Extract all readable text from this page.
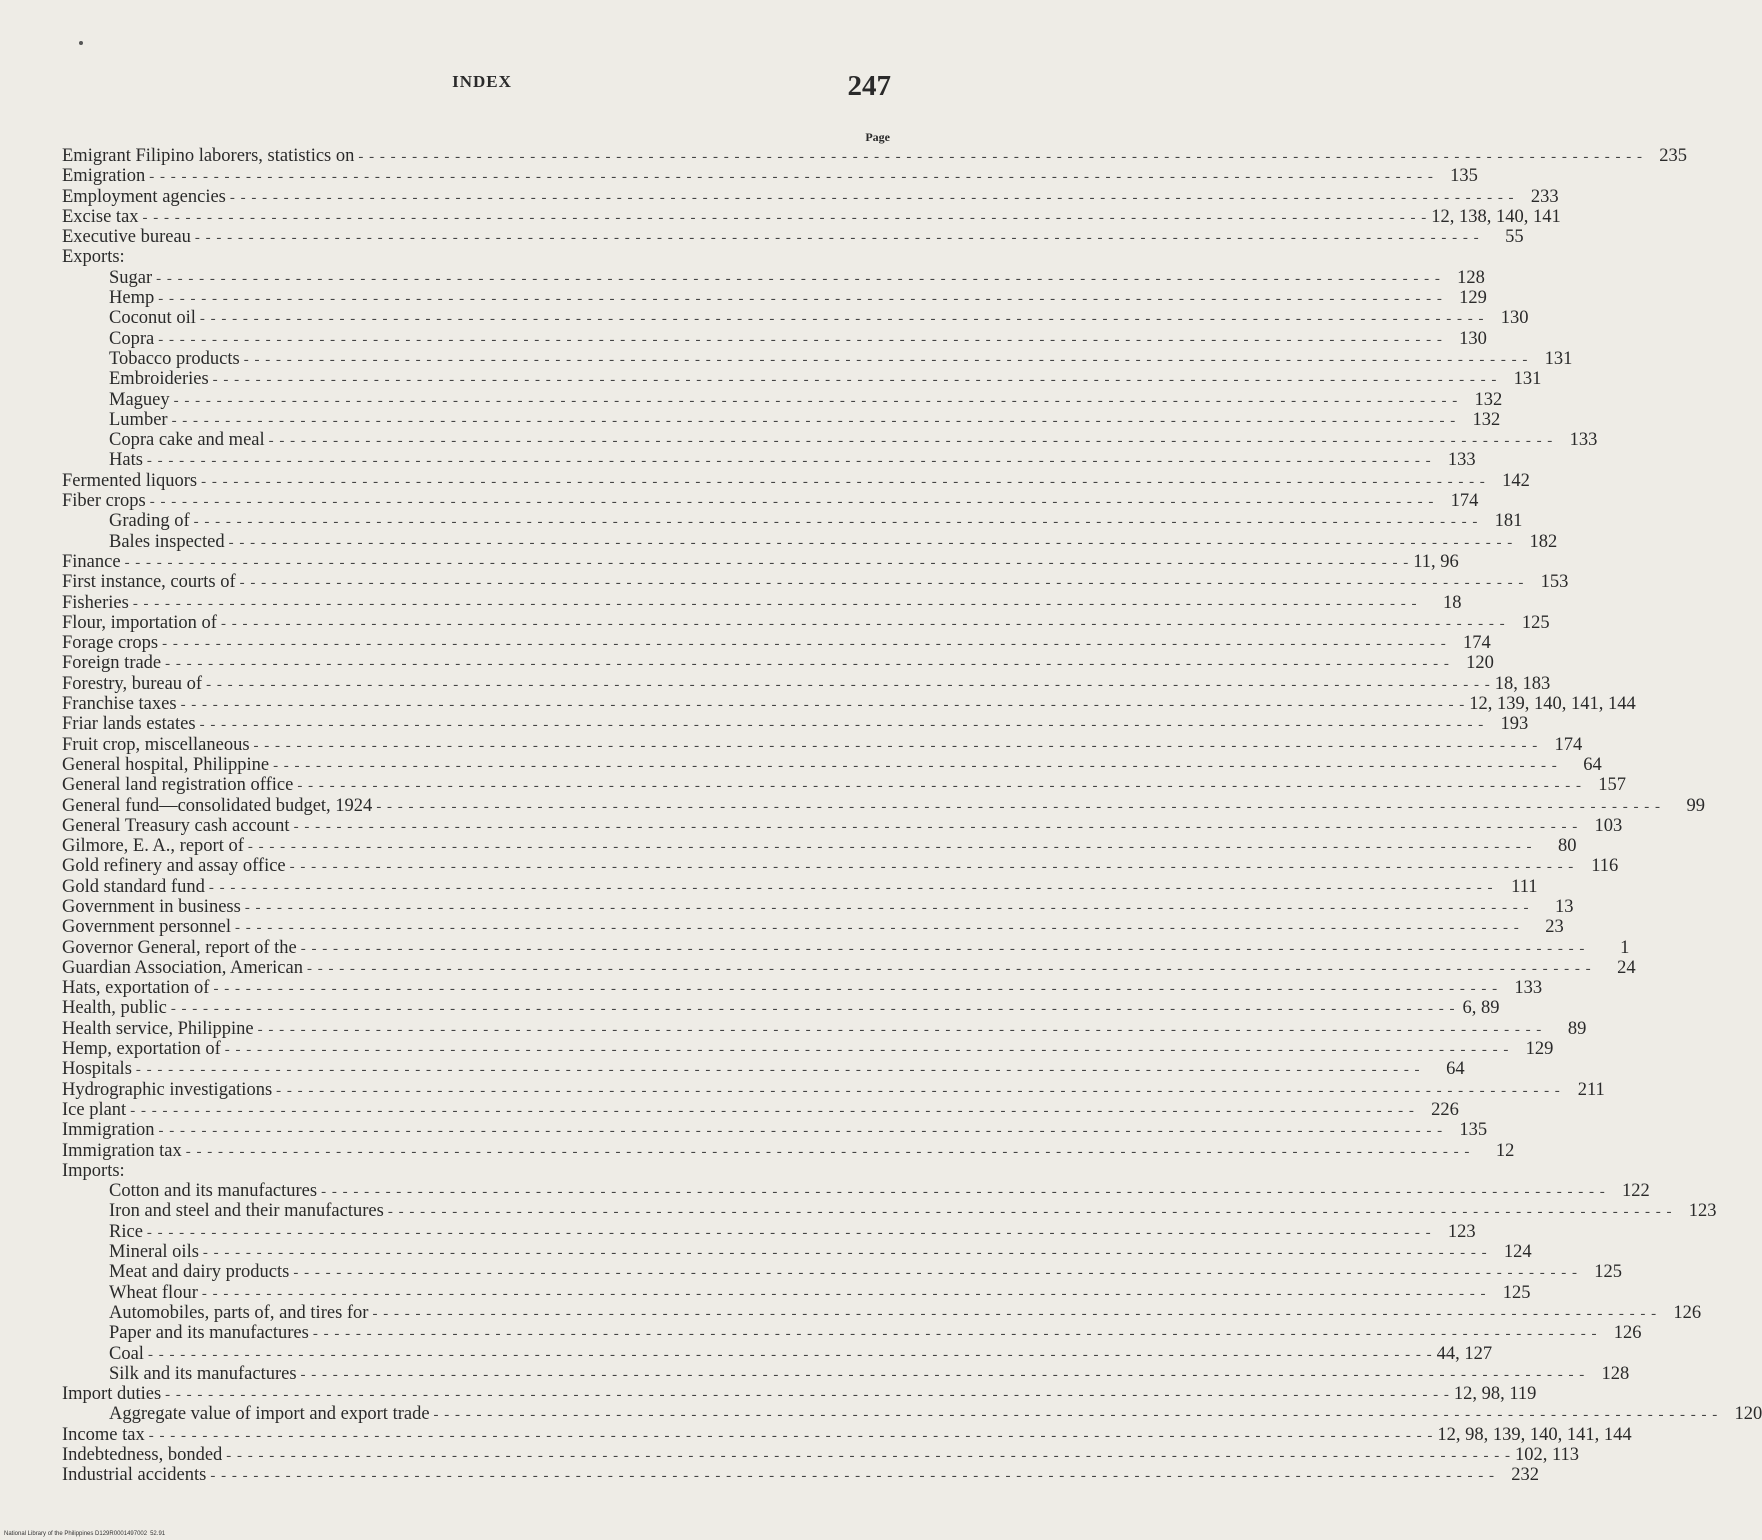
INDEX	247
Page
Emigrant Filipino laborers, statistics on - - - - - - - - - - - - - - - - - - - - - - - - - - - - - - - - - - - - - - - - - - - - - - - - - - - - - - - - - - - - - - - - - - - - - - - - - - - - - - - - - - - - - - - - - - - - - - - - - - - - - - - - - - - - - - - - - - - - - - - - 235
Emigration - - - - - - - - - - - - - - - - - - - - - - - - - - - - - - - - - - - - - - - - - - - - - - - - - - - - - - - - - - - - - - - - - - - - - - - - - - - - - - - - - - - - - - - - - - - - - - - - - - - - - - - - - - - - - - - - - - - - - - - - 135
Employment agencies - - - - - - - - - - - - - - - - - - - - - - - - - - - - - - - - - - - - - - - - - - - - - - - - - - - - - - - - - - - - - - - - - - - - - - - - - - - - - - - - - - - - - - - - - - - - - - - - - - - - - - - - - - - - - - - - - - - - - - - - 233
Excise tax - - - - - - - - - - - - - - - - - - - - - - - - - - - - - - - - - - - - - - - - - - - - - - - - - - - - - - - - - - - - - - - - - - - - - - - - - - - - - - - - - - - - - - - - - - - - - - - - - - - - - - - - - - - - - - - - - - - - - - - - 12, 138, 140, 141
Executive bureau - - - - - - - - - - - - - - - - - - - - - - - - - - - - - - - - - - - - - - - - - - - - - - - - - - - - - - - - - - - - - - - - - - - - - - - - - - - - - - - - - - - - - - - - - - - - - - - - - - - - - - - - - - - - - - - - - - - - - - - -	55
Exports:
Sugar - - - - - - - - - - - - - - - - - - - - - - - - - - - - - - - - - - - - - - - - - - - - - - - - - - - - - - - - - - - - - - - - - - - - - - - - - - - - - - - - - - - - - - - - - - - - - - - - - - - - - - - - - - - - - - - - - - - - - - - - 128
Hemp - - - - - - - - - - - - - - - - - - - - - - - - - - - - - - - - - - - - - - - - - - - - - - - - - - - - - - - - - - - - - - - - - - - - - - - - - - - - - - - - - - - - - - - - - - - - - - - - - - - - - - - - - - - - - - - - - - - - - - - - 129
Coconut oil - - - - - - - - - - - - - - - - - - - - - - - - - - - - - - - - - - - - - - - - - - - - - - - - - - - - - - - - - - - - - - - - - - - - - - - - - - - - - - - - - - - - - - - - - - - - - - - - - - - - - - - - - - - - - - - - - - - - - - - - 130
Copra - - - - - - - - - - - - - - - - - - - - - - - - - - - - - - - - - - - - - - - - - - - - - - - - - - - - - - - - - - - - - - - - - - - - - - - - - - - - - - - - - - - - - - - - - - - - - - - - - - - - - - - - - - - - - - - - - - - - - - - - 130
Tobacco products - - - - - - - - - - - - - - - - - - - - - - - - - - - - - - - - - - - - - - - - - - - - - - - - - - - - - - - - - - - - - - - - - - - - - - - - - - - - - - - - - - - - - - - - - - - - - - - - - - - - - - - - - - - - - - - - - - - - - - - - 131
Embroideries - - - - - - - - - - - - - - - - - - - - - - - - - - - - - - - - - - - - - - - - - - - - - - - - - - - - - - - - - - - - - - - - - - - - - - - - - - - - - - - - - - - - - - - - - - - - - - - - - - - - - - - - - - - - - - - - - - - - - - - - 131
Maguey - - - - - - - - - - - - - - - - - - - - - - - - - - - - - - - - - - - - - - - - - - - - - - - - - - - - - - - - - - - - - - - - - - - - - - - - - - - - - - - - - - - - - - - - - - - - - - - - - - - - - - - - - - - - - - - - - - - - - - - - 132
Lumber - - - - - - - - - - - - - - - - - - - - - - - - - - - - - - - - - - - - - - - - - - - - - - - - - - - - - - - - - - - - - - - - - - - - - - - - - - - - - - - - - - - - - - - - - - - - - - - - - - - - - - - - - - - - - - - - - - - - - - - - 132
Copra cake and meal - - - - - - - - - - - - - - - - - - - - - - - - - - - - - - - - - - - - - - - - - - - - - - - - - - - - - - - - - - - - - - - - - - - - - - - - - - - - - - - - - - - - - - - - - - - - - - - - - - - - - - - - - - - - - - - - - - - - - - - - 133
Hats - - - - - - - - - - - - - - - - - - - - - - - - - - - - - - - - - - - - - - - - - - - - - - - - - - - - - - - - - - - - - - - - - - - - - - - - - - - - - - - - - - - - - - - - - - - - - - - - - - - - - - - - - - - - - - - - - - - - - - - - 133
Fermented liquors - - - - - - - - - - - - - - - - - - - - - - - - - - - - - - - - - - - - - - - - - - - - - - - - - - - - - - - - - - - - - - - - - - - - - - - - - - - - - - - - - - - - - - - - - - - - - - - - - - - - - - - - - - - - - - - - - - - - - - - - 142
Fiber crops - - - - - - - - - - - - - - - - - - - - - - - - - - - - - - - - - - - - - - - - - - - - - - - - - - - - - - - - - - - - - - - - - - - - - - - - - - - - - - - - - - - - - - - - - - - - - - - - - - - - - - - - - - - - - - - - - - - - - - - - 174
Grading of - - - - - - - - - - - - - - - - - - - - - - - - - - - - - - - - - - - - - - - - - - - - - - - - - - - - - - - - - - - - - - - - - - - - - - - - - - - - - - - - - - - - - - - - - - - - - - - - - - - - - - - - - - - - - - - - - - - - - - - - 181
Bales inspected - - - - - - - - - - - - - - - - - - - - - - - - - - - - - - - - - - - - - - - - - - - - - - - - - - - - - - - - - - - - - - - - - - - - - - - - - - - - - - - - - - - - - - - - - - - - - - - - - - - - - - - - - - - - - - - - - - - - - - - - 182
Finance - - - - - - - - - - - - - - - - - - - - - - - - - - - - - - - - - - - - - - - - - - - - - - - - - - - - - - - - - - - - - - - - - - - - - - - - - - - - - - - - - - - - - - - - - - - - - - - - - - - - - - - - - - - - - - - - - - - - - - - - 11, 96
First instance, courts of - - - - - - - - - - - - - - - - - - - - - - - - - - - - - - - - - - - - - - - - - - - - - - - - - - - - - - - - - - - - - - - - - - - - - - - - - - - - - - - - - - - - - - - - - - - - - - - - - - - - - - - - - - - - - - - - - - - - - - - - 153
Fisheries - - - - - - - - - - - - - - - - - - - - - - - - - - - - - - - - - - - - - - - - - - - - - - - - - - - - - - - - - - - - - - - - - - - - - - - - - - - - - - - - - - - - - - - - - - - - - - - - - - - - - - - - - - - - - - - - - - - - - - - -	18
Flour, importation of - - - - - - - - - - - - - - - - - - - - - - - - - - - - - - - - - - - - - - - - - - - - - - - - - - - - - - - - - - - - - - - - - - - - - - - - - - - - - - - - - - - - - - - - - - - - - - - - - - - - - - - - - - - - - - - - - - - - - - - - 125
Forage crops - - - - - - - - - - - - - - - - - - - - - - - - - - - - - - - - - - - - - - - - - - - - - - - - - - - - - - - - - - - - - - - - - - - - - - - - - - - - - - - - - - - - - - - - - - - - - - - - - - - - - - - - - - - - - - - - - - - - - - - - 174
Foreign trade - - - - - - - - - - - - - - - - - - - - - - - - - - - - - - - - - - - - - - - - - - - - - - - - - - - - - - - - - - - - - - - - - - - - - - - - - - - - - - - - - - - - - - - - - - - - - - - - - - - - - - - - - - - - - - - - - - - - - - - - 120
Forestry, bureau of - - - - - - - - - - - - - - - - - - - - - - - - - - - - - - - - - - - - - - - - - - - - - - - - - - - - - - - - - - - - - - - - - - - - - - - - - - - - - - - - - - - - - - - - - - - - - - - - - - - - - - - - - - - - - - - - - - - - - - - - 18, 183
Franchise taxes - - - - - - - - - - - - - - - - - - - - - - - - - - - - - - - - - - - - - - - - - - - - - - - - - - - - - - - - - - - - - - - - - - - - - - - - - - - - - - - - - - - - - - - - - - - - - - - - - - - - - - - - - - - - - - - - - - - - - - - - 12, 139, 140, 141, 144
Friar lands estates - - - - - - - - - - - - - - - - - - - - - - - - - - - - - - - - - - - - - - - - - - - - - - - - - - - - - - - - - - - - - - - - - - - - - - - - - - - - - - - - - - - - - - - - - - - - - - - - - - - - - - - - - - - - - - - - - - - - - - - - 193
Fruit crop, miscellaneous - - - - - - - - - - - - - - - - - - - - - - - - - - - - - - - - - - - - - - - - - - - - - - - - - - - - - - - - - - - - - - - - - - - - - - - - - - - - - - - - - - - - - - - - - - - - - - - - - - - - - - - - - - - - - - - - - - - - - - - - 174
General hospital, Philippine - - - - - - - - - - - - - - - - - - - - - - - - - - - - - - - - - - - - - - - - - - - - - - - - - - - - - - - - - - - - - - - - - - - - - - - - - - - - - - - - - - - - - - - - - - - - - - - - - - - - - - - - - - - - - - - - - - - - - - - -	64
General land registration office - - - - - - - - - - - - - - - - - - - - - - - - - - - - - - - - - - - - - - - - - - - - - - - - - - - - - - - - - - - - - - - - - - - - - - - - - - - - - - - - - - - - - - - - - - - - - - - - - - - - - - - - - - - - - - - - - - - - - - - - 157
General fund—consolidated budget, 1924 - - - - - - - - - - - - - - - - - - - - - - - - - - - - - - - - - - - - - - - - - - - - - - - - - - - - - - - - - - - - - - - - - - - - - - - - - - - - - - - - - - - - - - - - - - - - - - - - - - - - - - - - - - - - - - - - - - - - - - - -	99
General Treasury cash account - - - - - - - - - - - - - - - - - - - - - - - - - - - - - - - - - - - - - - - - - - - - - - - - - - - - - - - - - - - - - - - - - - - - - - - - - - - - - - - - - - - - - - - - - - - - - - - - - - - - - - - - - - - - - - - - - - - - - - - - 103
Gilmore, E. A., report of - - - - - - - - - - - - - - - - - - - - - - - - - - - - - - - - - - - - - - - - - - - - - - - - - - - - - - - - - - - - - - - - - - - - - - - - - - - - - - - - - - - - - - - - - - - - - - - - - - - - - - - - - - - - - - - - - - - - - - - -	80
Gold refinery and assay office - - - - - - - - - - - - - - - - - - - - - - - - - - - - - - - - - - - - - - - - - - - - - - - - - - - - - - - - - - - - - - - - - - - - - - - - - - - - - - - - - - - - - - - - - - - - - - - - - - - - - - - - - - - - - - - - - - - - - - - - 116
Gold standard fund - - - - - - - - - - - - - - - - - - - - - - - - - - - - - - - - - - - - - - - - - - - - - - - - - - - - - - - - - - - - - - - - - - - - - - - - - - - - - - - - - - - - - - - - - - - - - - - - - - - - - - - - - - - - - - - - - - - - - - - - 111
Government in business - - - - - - - - - - - - - - - - - - - - - - - - - - - - - - - - - - - - - - - - - - - - - - - - - - - - - - - - - - - - - - - - - - - - - - - - - - - - - - - - - - - - - - - - - - - - - - - - - - - - - - - - - - - - - - - - - - - - - - - -	13
Government personnel - - - - - - - - - - - - - - - - - - - - - - - - - - - - - - - - - - - - - - - - - - - - - - - - - - - - - - - - - - - - - - - - - - - - - - - - - - - - - - - - - - - - - - - - - - - - - - - - - - - - - - - - - - - - - - - - - - - - - - - -	23
Governor General, report of the - - - - - - - - - - - - - - - - - - - - - - - - - - - - - - - - - - - - - - - - - - - - - - - - - - - - - - - - - - - - - - - - - - - - - - - - - - - - - - - - - - - - - - - - - - - - - - - - - - - - - - - - - - - - - - - - - - - - - - - -	1
Guardian Association, American - - - - - - - - - - - - - - - - - - - - - - - - - - - - - - - - - - - - - - - - - - - - - - - - - - - - - - - - - - - - - - - - - - - - - - - - - - - - - - - - - - - - - - - - - - - - - - - - - - - - - - - - - - - - - - - - - - - - - - - -	24
Hats, exportation of - - - - - - - - - - - - - - - - - - - - - - - - - - - - - - - - - - - - - - - - - - - - - - - - - - - - - - - - - - - - - - - - - - - - - - - - - - - - - - - - - - - - - - - - - - - - - - - - - - - - - - - - - - - - - - - - - - - - - - - - 133
Health, public - - - - - - - - - - - - - - - - - - - - - - - - - - - - - - - - - - - - - - - - - - - - - - - - - - - - - - - - - - - - - - - - - - - - - - - - - - - - - - - - - - - - - - - - - - - - - - - - - - - - - - - - - - - - - - - - - - - - - - - - 6, 89
Health service, Philippine - - - - - - - - - - - - - - - - - - - - - - - - - - - - - - - - - - - - - - - - - - - - - - - - - - - - - - - - - - - - - - - - - - - - - - - - - - - - - - - - - - - - - - - - - - - - - - - - - - - - - - - - - - - - - - - - - - - - - - - -	89
Hemp, exportation of - - - - - - - - - - - - - - - - - - - - - - - - - - - - - - - - - - - - - - - - - - - - - - - - - - - - - - - - - - - - - - - - - - - - - - - - - - - - - - - - - - - - - - - - - - - - - - - - - - - - - - - - - - - - - - - - - - - - - - - - 129
Hospitals - - - - - - - - - - - - - - - - - - - - - - - - - - - - - - - - - - - - - - - - - - - - - - - - - - - - - - - - - - - - - - - - - - - - - - - - - - - - - - - - - - - - - - - - - - - - - - - - - - - - - - - - - - - - - - - - - - - - - - - -	64
Hydrographic investigations - - - - - - - - - - - - - - - - - - - - - - - - - - - - - - - - - - - - - - - - - - - - - - - - - - - - - - - - - - - - - - - - - - - - - - - - - - - - - - - - - - - - - - - - - - - - - - - - - - - - - - - - - - - - - - - - - - - - - - - - 211
Ice plant - - - - - - - - - - - - - - - - - - - - - - - - - - - - - - - - - - - - - - - - - - - - - - - - - - - - - - - - - - - - - - - - - - - - - - - - - - - - - - - - - - - - - - - - - - - - - - - - - - - - - - - - - - - - - - - - - - - - - - - - 226
Immigration - - - - - - - - - - - - - - - - - - - - - - - - - - - - - - - - - - - - - - - - - - - - - - - - - - - - - - - - - - - - - - - - - - - - - - - - - - - - - - - - - - - - - - - - - - - - - - - - - - - - - - - - - - - - - - - - - - - - - - - - 135
Immigration tax - - - - - - - - - - - - - - - - - - - - - - - - - - - - - - - - - - - - - - - - - - - - - - - - - - - - - - - - - - - - - - - - - - - - - - - - - - - - - - - - - - - - - - - - - - - - - - - - - - - - - - - - - - - - - - - - - - - - - - - -	12
Imports:
Cotton and its manufactures - - - - - - - - - - - - - - - - - - - - - - - - - - - - - - - - - - - - - - - - - - - - - - - - - - - - - - - - - - - - - - - - - - - - - - - - - - - - - - - - - - - - - - - - - - - - - - - - - - - - - - - - - - - - - - - - - - - - - - - - 122
Iron and steel and their manufactures - - - - - - - - - - - - - - - - - - - - - - - - - - - - - - - - - - - - - - - - - - - - - - - - - - - - - - - - - - - - - - - - - - - - - - - - - - - - - - - - - - - - - - - - - - - - - - - - - - - - - - - - - - - - - - - - - - - - - - - - 123
Rice - - - - - - - - - - - - - - - - - - - - - - - - - - - - - - - - - - - - - - - - - - - - - - - - - - - - - - - - - - - - - - - - - - - - - - - - - - - - - - - - - - - - - - - - - - - - - - - - - - - - - - - - - - - - - - - - - - - - - - - - 123
Mineral oils - - - - - - - - - - - - - - - - - - - - - - - - - - - - - - - - - - - - - - - - - - - - - - - - - - - - - - - - - - - - - - - - - - - - - - - - - - - - - - - - - - - - - - - - - - - - - - - - - - - - - - - - - - - - - - - - - - - - - - - - 124
Meat and dairy products - - - - - - - - - - - - - - - - - - - - - - - - - - - - - - - - - - - - - - - - - - - - - - - - - - - - - - - - - - - - - - - - - - - - - - - - - - - - - - - - - - - - - - - - - - - - - - - - - - - - - - - - - - - - - - - - - - - - - - - - 125
Wheat flour - - - - - - - - - - - - - - - - - - - - - - - - - - - - - - - - - - - - - - - - - - - - - - - - - - - - - - - - - - - - - - - - - - - - - - - - - - - - - - - - - - - - - - - - - - - - - - - - - - - - - - - - - - - - - - - - - - - - - - - - 125
Automobiles, parts of, and tires for - - - - - - - - - - - - - - - - - - - - - - - - - - - - - - - - - - - - - - - - - - - - - - - - - - - - - - - - - - - - - - - - - - - - - - - - - - - - - - - - - - - - - - - - - - - - - - - - - - - - - - - - - - - - - - - - - - - - - - - - 126
Paper and its manufactures - - - - - - - - - - - - - - - - - - - - - - - - - - - - - - - - - - - - - - - - - - - - - - - - - - - - - - - - - - - - - - - - - - - - - - - - - - - - - - - - - - - - - - - - - - - - - - - - - - - - - - - - - - - - - - - - - - - - - - - - 126
Coal - - - - - - - - - - - - - - - - - - - - - - - - - - - - - - - - - - - - - - - - - - - - - - - - - - - - - - - - - - - - - - - - - - - - - - - - - - - - - - - - - - - - - - - - - - - - - - - - - - - - - - - - - - - - - - - - - - - - - - - - 44, 127
Silk and its manufactures - - - - - - - - - - - - - - - - - - - - - - - - - - - - - - - - - - - - - - - - - - - - - - - - - - - - - - - - - - - - - - - - - - - - - - - - - - - - - - - - - - - - - - - - - - - - - - - - - - - - - - - - - - - - - - - - - - - - - - - - 128
Import duties - - - - - - - - - - - - - - - - - - - - - - - - - - - - - - - - - - - - - - - - - - - - - - - - - - - - - - - - - - - - - - - - - - - - - - - - - - - - - - - - - - - - - - - - - - - - - - - - - - - - - - - - - - - - - - - - - - - - - - - - 12, 98, 119
Aggregate value of import and export trade - - - - - - - - - - - - - - - - - - - - - - - - - - - - - - - - - - - - - - - - - - - - - - - - - - - - - - - - - - - - - - - - - - - - - - - - - - - - - - - - - - - - - - - - - - - - - - - - - - - - - - - - - - - - - - - - - - - - - - - - 120
Income tax - - - - - - - - - - - - - - - - - - - - - - - - - - - - - - - - - - - - - - - - - - - - - - - - - - - - - - - - - - - - - - - - - - - - - - - - - - - - - - - - - - - - - - - - - - - - - - - - - - - - - - - - - - - - - - - - - - - - - - - - 12, 98, 139, 140, 141, 144
Indebtedness, bonded - - - - - - - - - - - - - - - - - - - - - - - - - - - - - - - - - - - - - - - - - - - - - - - - - - - - - - - - - - - - - - - - - - - - - - - - - - - - - - - - - - - - - - - - - - - - - - - - - - - - - - - - - - - - - - - - - - - - - - - - 102, 113
Industrial accidents - - - - - - - - - - - - - - - - - - - - - - - - - - - - - - - - - - - - - - - - - - - - - - - - - - - - - - - - - - - - - - - - - - - - - - - - - - - - - - - - - - - - - - - - - - - - - - - - - - - - - - - - - - - - - - - - - - - - - - - - 232
National Library of the Philippines D129R0001497002 52.91
